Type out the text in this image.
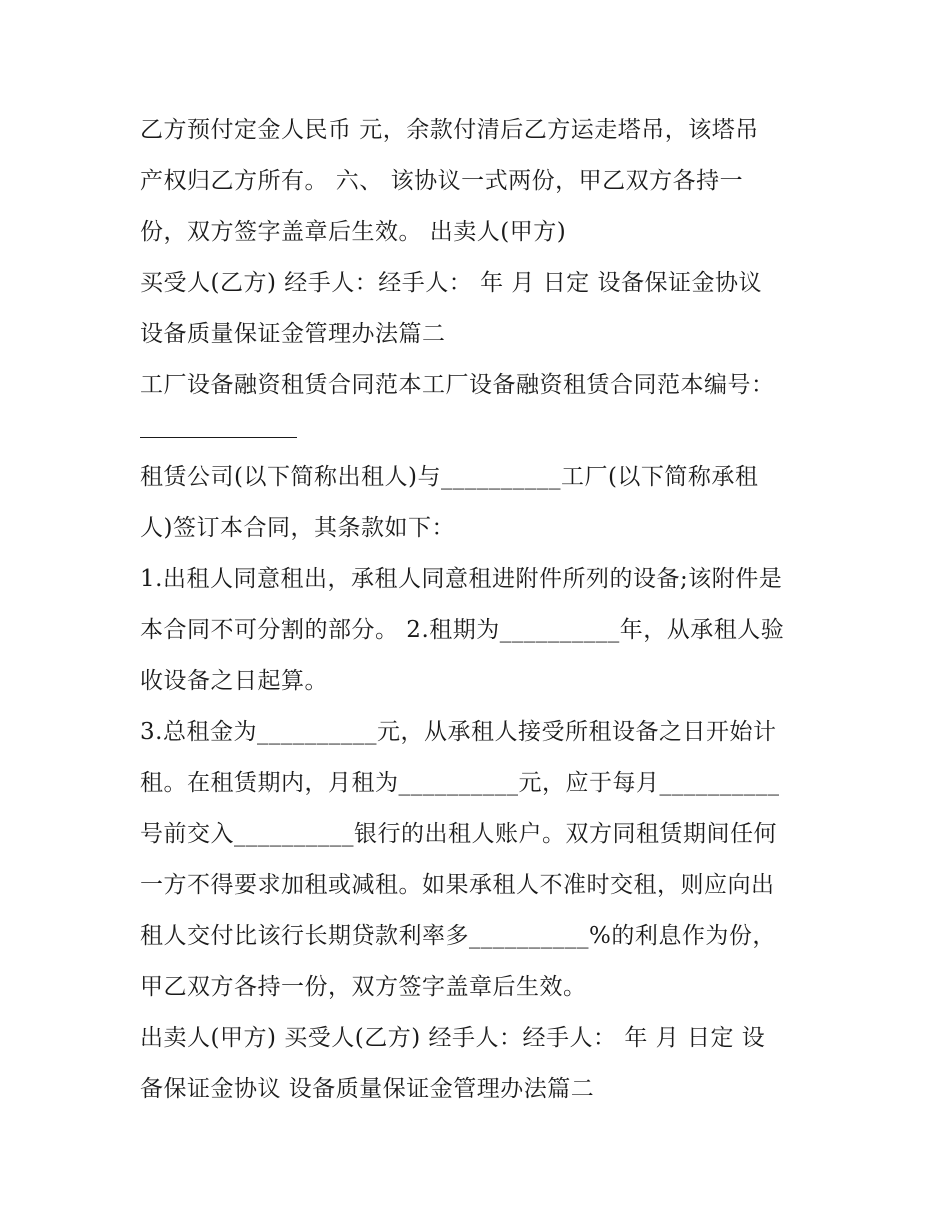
乙方预付定金人民币 元，余款付清后乙方运走塔吊，该塔吊
产权归乙方所有。 六、 该协议一式两份，甲乙双方各持一
份，双方签字盖章后生效。 出卖人(甲方)
买受人(乙方) 经手人：经手人： 年 月 日定 设备保证金协议
设备质量保证金管理办法篇二
工厂设备融资租赁合同范本工厂设备融资租赁合同范本编号：
租赁公司(以下简称出租人)与__________工厂(以下简称承租
人)签订本合同，其条款如下：
1.出租人同意租出，承租人同意租进附件所列的设备;该附件是
本合同不可分割的部分。 2.租期为__________年，从承租人验
收设备之日起算。
3.总租金为__________元，从承租人接受所租设备之日开始计
租。在租赁期内，月租为__________元，应于每月__________
号前交入__________银行的出租人账户。双方同租赁期间任何
一方不得要求加租或减租。如果承租人不准时交租，则应向出
租人交付比该行长期贷款利率多__________%的利息作为份，
甲乙双方各持一份，双方签字盖章后生效。
出卖人(甲方) 买受人(乙方) 经手人：经手人： 年 月 日定 设
备保证金协议 设备质量保证金管理办法篇二
